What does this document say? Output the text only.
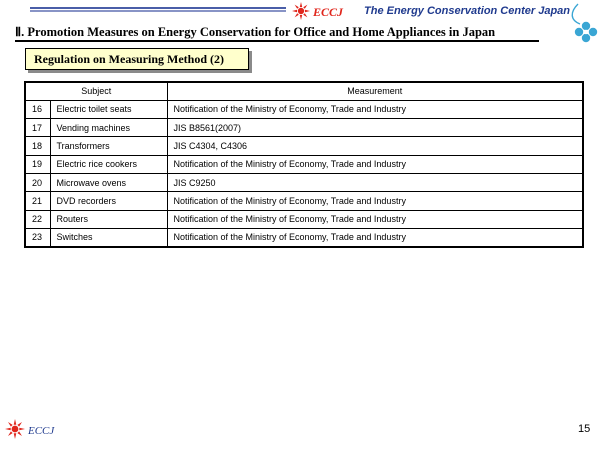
ECCJ The Energy Conservation Center Japan
Ⅱ. Promotion Measures on Energy Conservation for Office and Home Appliances in Japan
Regulation on Measuring Method (2)
Subject		Measurement
16	Electric toilet seats	Notification of the Ministry of Economy, Trade and Industry
17	Vending machines	JIS B8561(2007)
18	Transformers	JIS C4304, C4306
19	Electric rice cookers	Notification of the Ministry of Economy, Trade and Industry
20	Microwave ovens	JIS C9250
21	DVD recorders	Notification of the Ministry of Economy, Trade and Industry
22	Routers	Notification of the Ministry of Economy, Trade and Industry
23	Switches	Notification of the Ministry of Economy, Trade and Industry
ECCJ	15
